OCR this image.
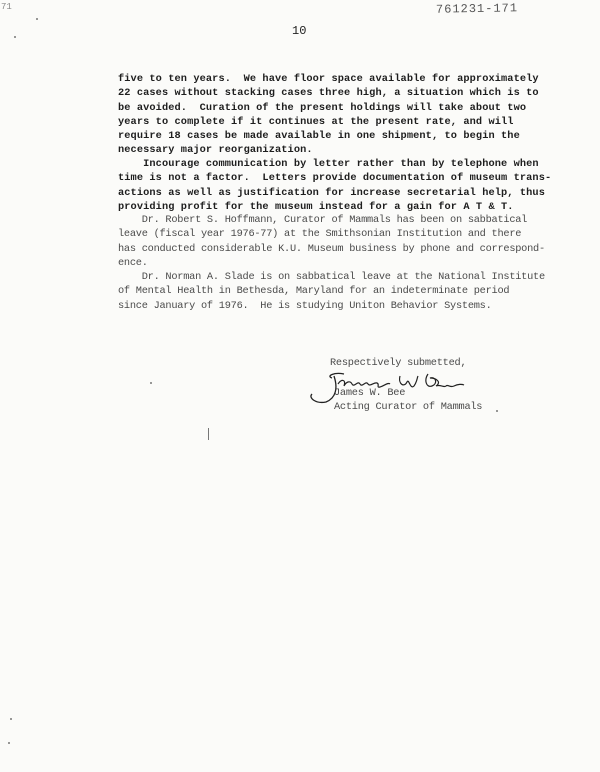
71	761231-171
10

five to ten years.  We have floor space available for approximately
22 cases without stacking cases three high, a situation which is to
be avoided.  Curation of the present holdings will take about two
years to complete if it continues at the present rate, and will
require 18 cases be made available in one shipment, to begin the
necessary major reorganization.

Incourage communication by letter rather than by telephone when
time is not a factor.  Letters provide documentation of museum trans-
actions as well as justification for increase secretarial help, thus
providing profit for the museum instead for a gain for A T & T.

Dr. Robert S. Hoffmann, Curator of Mammals has been on sabbatical
leave (fiscal year 1976-77) at the Smithsonian Institution and there
has conducted considerable K.U. Museum business by phone and correspond-
ence.

Dr. Norman A. Slade is on sabbatical leave at the National Institute
of Mental Health in Bethesda, Maryland for an indeterminate period
since January of 1976.  He is studying Uniton Behavior Systems.

Respectively submetted,
James W. Bee
Acting Curator of Mammals
